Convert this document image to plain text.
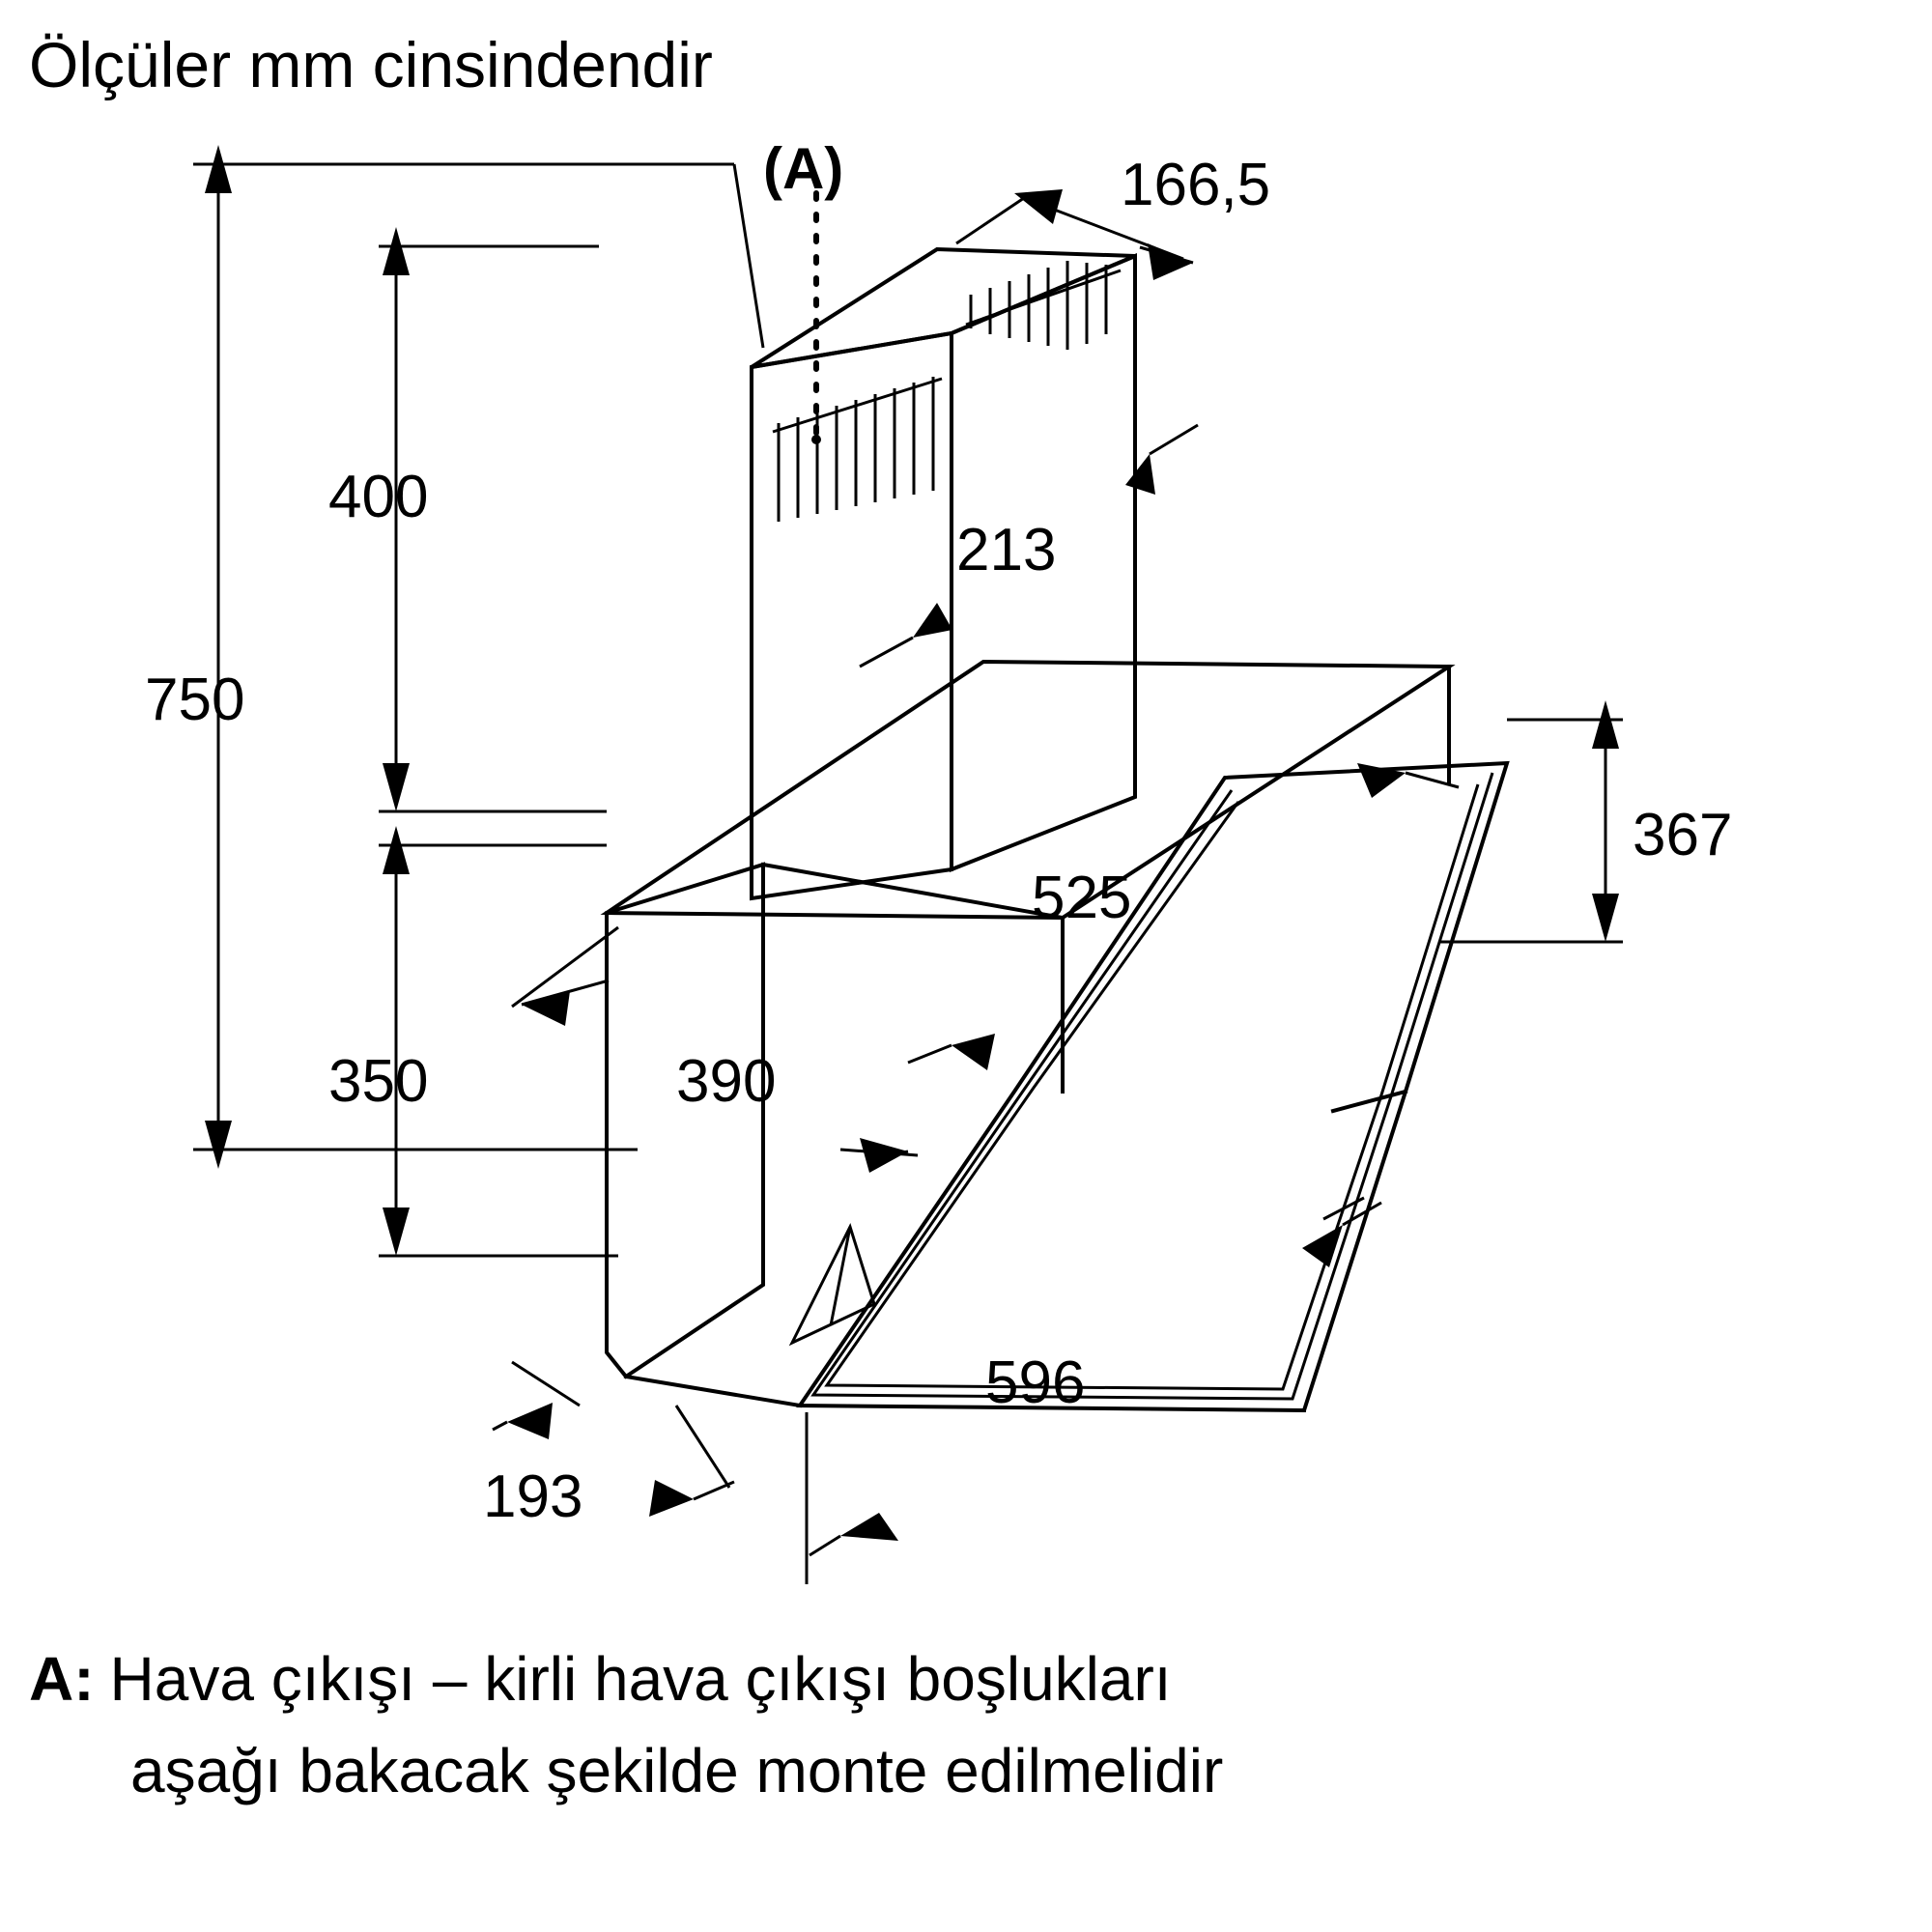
Ölçüler mm cinsindendir
(A)
750
400
350
166,5
213
367
525
390
596
193
A: Hava çıkışı – kirli hava çıkışı boşlukları
aşağı bakacak şekilde monte edilmelidir
